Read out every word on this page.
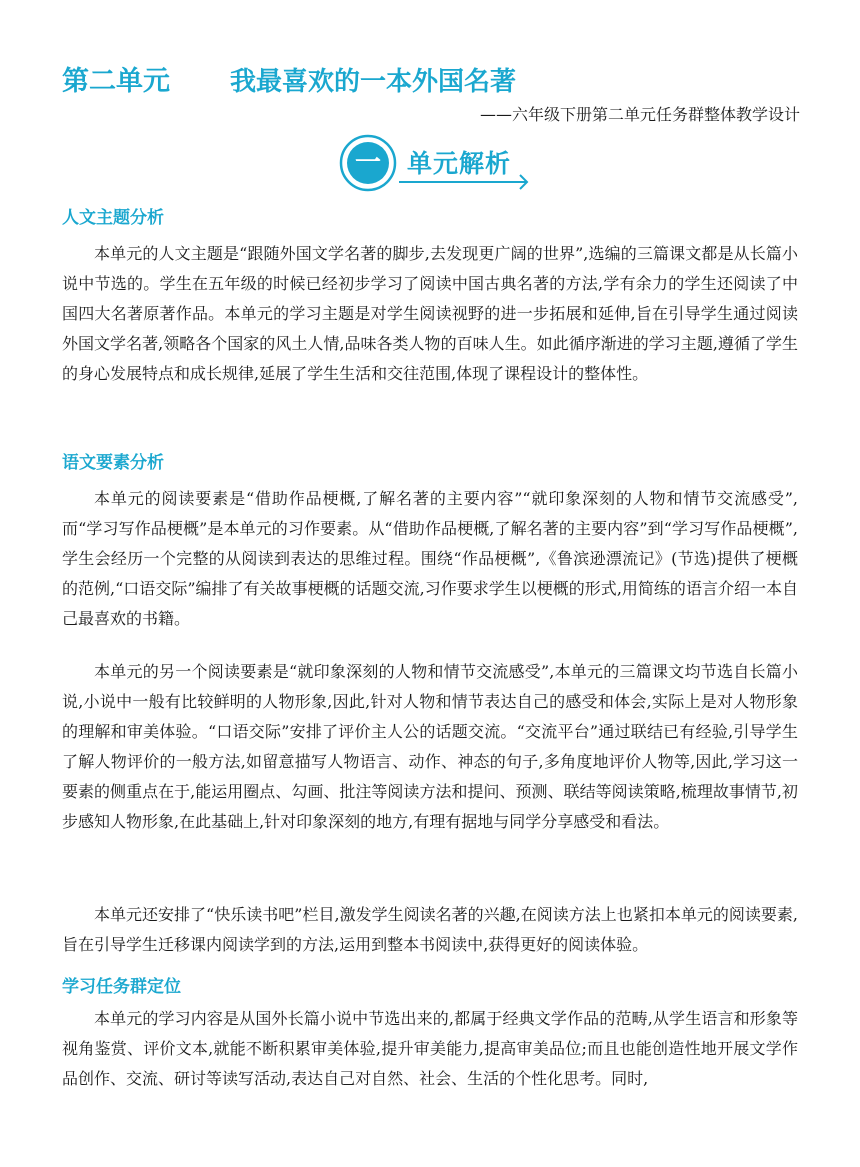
第二单元 我最喜欢的一本外国名著
——六年级下册第二单元任务群整体教学设计
一	单元解析
人文主题分析

本单元的人文主题是“跟随外国文学名著的脚步,去发现更广阔的世界”,选编的三篇课文都是从长篇小说中节选的。学生在五年级的时候已经初步学习了阅读中国古典名著的方法,学有余力的学生还阅读了中国四大名著原著作品。本单元的学习主题是对学生阅读视野的进一步拓展和延伸,旨在引导学生通过阅读外国文学名著,领略各个国家的风土人情,品味各类人物的百味人生。如此循序渐进的学习主题,遵循了学生的身心发展特点和成长规律,延展了学生生活和交往范围,体现了课程设计的整体性。

语文要素分析

本单元的阅读要素是“借助作品梗概,了解名著的主要内容”“就印象深刻的人物和情节交流感受”,而“学习写作品梗概”是本单元的习作要素。从“借助作品梗概,了解名著的主要内容”到“学习写作品梗概”,学生会经历一个完整的从阅读到表达的思维过程。围绕“作品梗概”,《鲁滨逊漂流记》(节选)提供了梗概的范例,“口语交际”编排了有关故事梗概的话题交流,习作要求学生以梗概的形式,用简练的语言介绍一本自己最喜欢的书籍。

本单元的另一个阅读要素是“就印象深刻的人物和情节交流感受”,本单元的三篇课文均节选自长篇小说,小说中一般有比较鲜明的人物形象,因此,针对人物和情节表达自己的感受和体会,实际上是对人物形象的理解和审美体验。“口语交际”安排了评价主人公的话题交流。“交流平台”通过联结已有经验,引导学生了解人物评价的一般方法,如留意描写人物语言、动作、神态的句子,多角度地评价人物等,因此,学习这一要素的侧重点在于,能运用圈点、勾画、批注等阅读方法和提问、预测、联结等阅读策略,梳理故事情节,初步感知人物形象,在此基础上,针对印象深刻的地方,有理有据地与同学分享感受和看法。

本单元还安排了“快乐读书吧”栏目,激发学生阅读名著的兴趣,在阅读方法上也紧扣本单元的阅读要素,旨在引导学生迁移课内阅读学到的方法,运用到整本书阅读中,获得更好的阅读体验。

学习任务群定位

本单元的学习内容是从国外长篇小说中节选出来的,都属于经典文学作品的范畴,从学生语言和形象等视角鉴赏、评价文本,就能不断积累审美体验,提升审美能力,提高审美品位;而且也能创造性地开展文学作品创作、交流、研讨等读写活动,表达自己对自然、社会、生活的个性化思考。同时,
